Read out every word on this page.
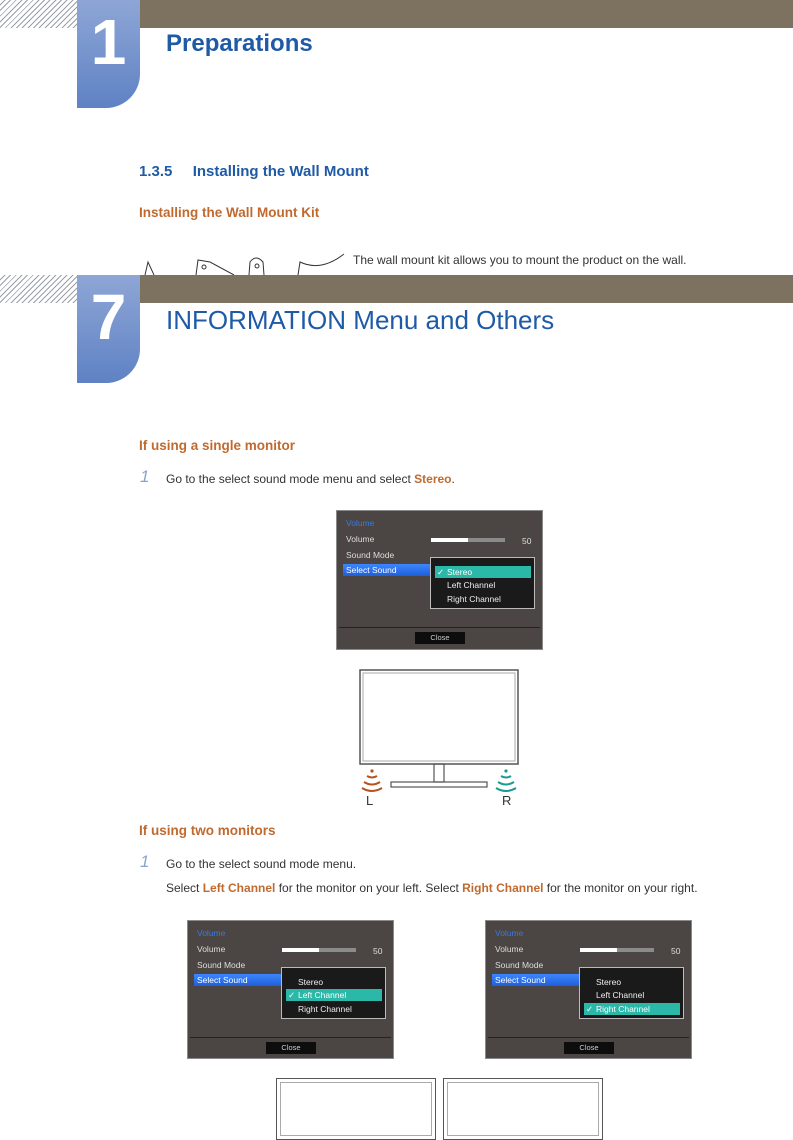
1	Preparations
1.3.5 Installing the Wall Mount
Installing the Wall Mount Kit
The wall mount kit allows you to mount the product on the wall.
7	INFORMATION Menu and Others
If using a single monitor
1 Go to the select sound mode menu and select Stereo.
Volume
Volume	50
Sound Mode
Select Sound	✓ Stereo
Left Channel
Right Channel
Close
L	R
If using two monitors
1 Go to the select sound mode menu.
Select Left Channel for the monitor on your left. Select Right Channel for the monitor on your right.
Volume
Volume	50
Sound Mode
Select Sound	Stereo
✓ Left Channel
Right Channel
Close
Volume
Volume	50
Sound Mode
Select Sound	Stereo
Left Channel
✓ Right Channel
Close
